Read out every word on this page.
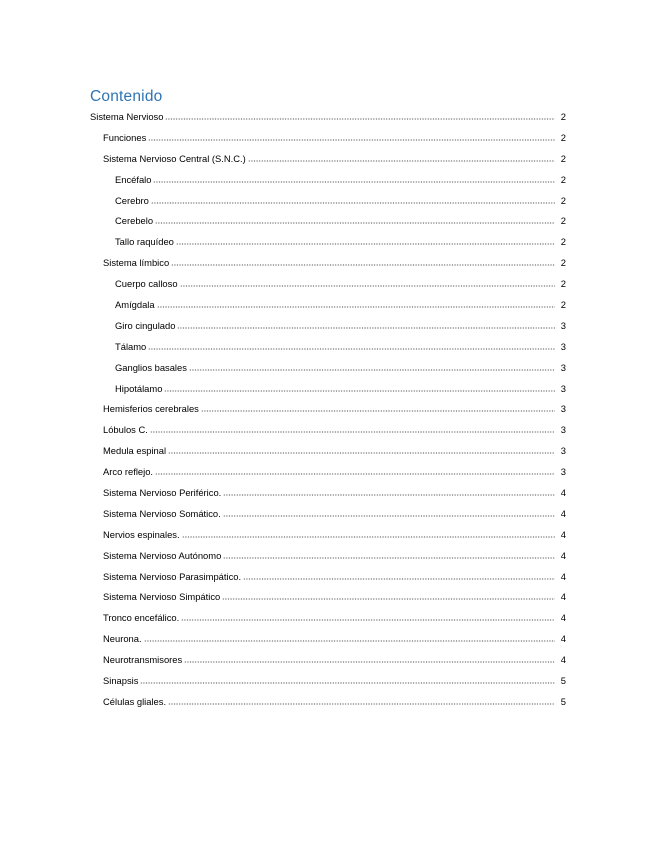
Contenido
Sistema Nervioso	2
Funciones	2
Sistema Nervioso Central (S.N.C.)	2
Encéfalo	2
Cerebro	2
Cerebelo	2
Tallo raquídeo	2
Sistema límbico	2
Cuerpo calloso	2
Amígdala	2
Giro cingulado	3
Tálamo	3
Ganglios basales	3
Hipotálamo	3
Hemisferios cerebrales	3
Lóbulos C.	3
Medula espinal	3
Arco reflejo.	3
Sistema Nervioso Periférico.	4
Sistema Nervioso Somático.	4
Nervios espinales.	4
Sistema Nervioso Autónomo	4
Sistema Nervioso Parasimpático.	4
Sistema Nervioso Simpático	4
Tronco encefálico.	4
Neurona.	4
Neurotransmisores	4
Sinapsis	5
Células gliales.	5
